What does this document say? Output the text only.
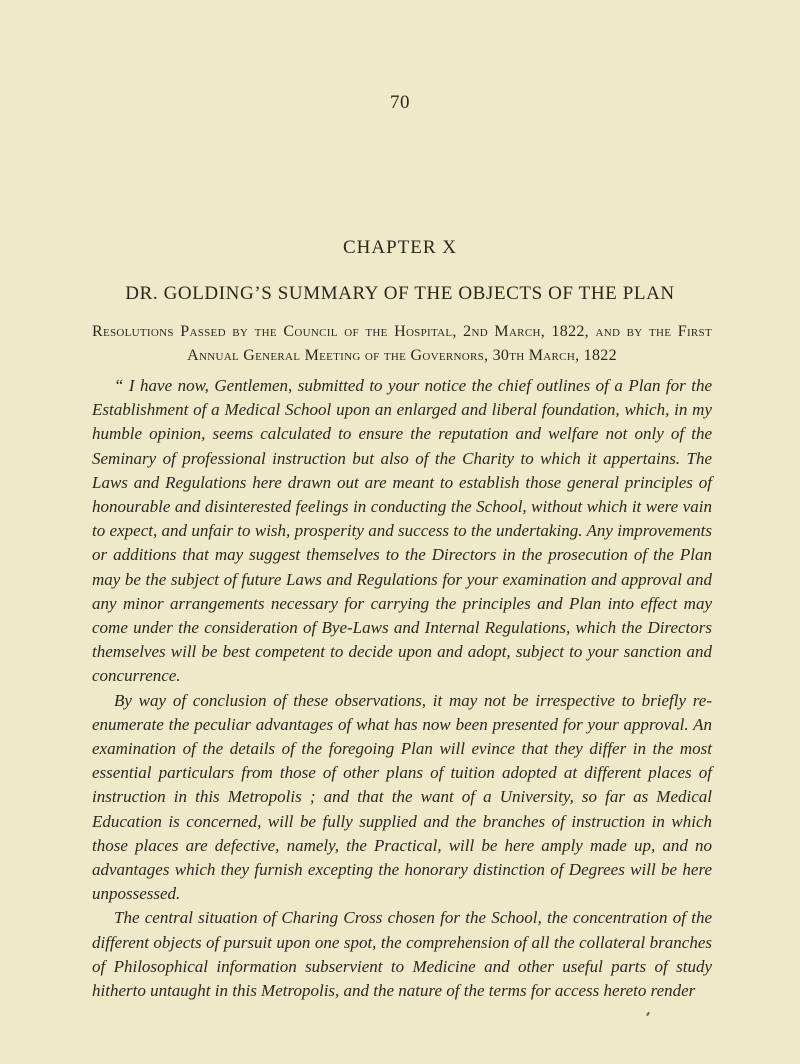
70
CHAPTER X
DR. GOLDING’S SUMMARY OF THE OBJECTS OF THE PLAN
Resolutions Passed by the Council of the Hospital, 2nd March, 1822, and by the First Annual General Meeting of the Governors, 30th March, 1822

“ I have now, Gentlemen, submitted to your notice the chief outlines of a Plan for the Establishment of a Medical School upon an enlarged and liberal foundation, which, in my humble opinion, seems calculated to ensure the reputation and welfare not only of the Seminary of professional instruction but also of the Charity to which it appertains. The Laws and Regulations here drawn out are meant to establish those general principles of honourable and disinterested feelings in conducting the School, without which it were vain to expect, and unfair to wish, prosperity and success to the undertaking. Any improvements or additions that may suggest themselves to the Directors in the prosecution of the Plan may be the subject of future Laws and Regulations for your examination and approval and any minor arrangements necessary for carrying the principles and Plan into effect may come under the consideration of Bye-Laws and Internal Regulations, which the Directors themselves will be best competent to decide upon and adopt, subject to your sanction and concurrence.

By way of conclusion of these observations, it may not be irrespective to briefly re-enumerate the peculiar advantages of what has now been presented for your approval. An examination of the details of the foregoing Plan will evince that they differ in the most essential particulars from those of other plans of tuition adopted at different places of instruction in this Metropolis ; and that the want of a University, so far as Medical Education is concerned, will be fully supplied and the branches of instruction in which those places are defective, namely, the Practical, will be here amply made up, and no advantages which they furnish excepting the honorary distinction of Degrees will be here unpossessed.

The central situation of Charing Cross chosen for the School, the concentration of the different objects of pursuit upon one spot, the comprehension of all the collateral branches of Philosophical information subservient to Medicine and other useful parts of study hitherto untaught in this Metropolis, and the nature of the terms for access hereto render
